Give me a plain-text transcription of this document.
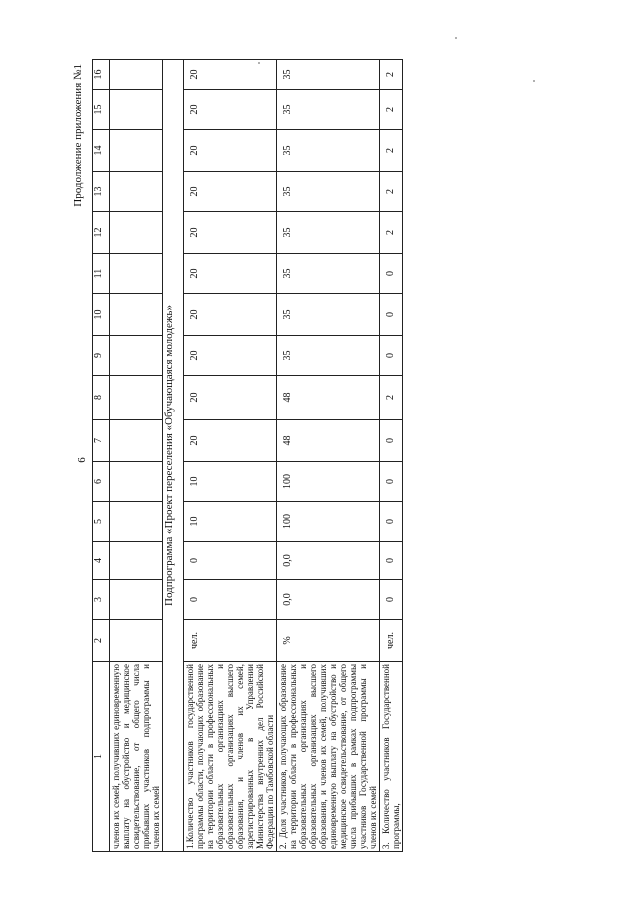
6
Продолжение приложения №1
1	2	3	4	5	6	7	8	9	10	11	12	13	14	15	16
членов их семей, получивших единовременную выплату на обустройство и медицинское освидетельствование, от общего числа прибывших участников подпрограммы и членов их семей															
Подпрограмма «Проект переселения «Обучающаяся молодежь»															
1.Количество участников государственной программы области, получающих образование на территории области в профессиональных образовательных организациях и образовательных организациях высшего образования, и членов их семей, зарегистрированных в Управлении Министерства внутренних дел Российской Федерации по Тамбовской области	чел.	0	0	10	10	20	20	20	20	20	20	20	20	20	20
2. Доля участников, получающих образование на территории области в профессиональных образовательных организациях и образовательных организациях высшего образования, и членов их семей, получивших единовременную выплату на обустройство и медицинское освидетельствование, от общего числа прибывших в рамках подпрограммы участников Государственной программы и членов их семей	%	0,0	0,0	100	100	48	48	35	35	35	35	35	35	35	35
3. Количество участников Государственной программы,	чел.	0	0	0	0	0	2	0	0	0	2	2	2	2	2
